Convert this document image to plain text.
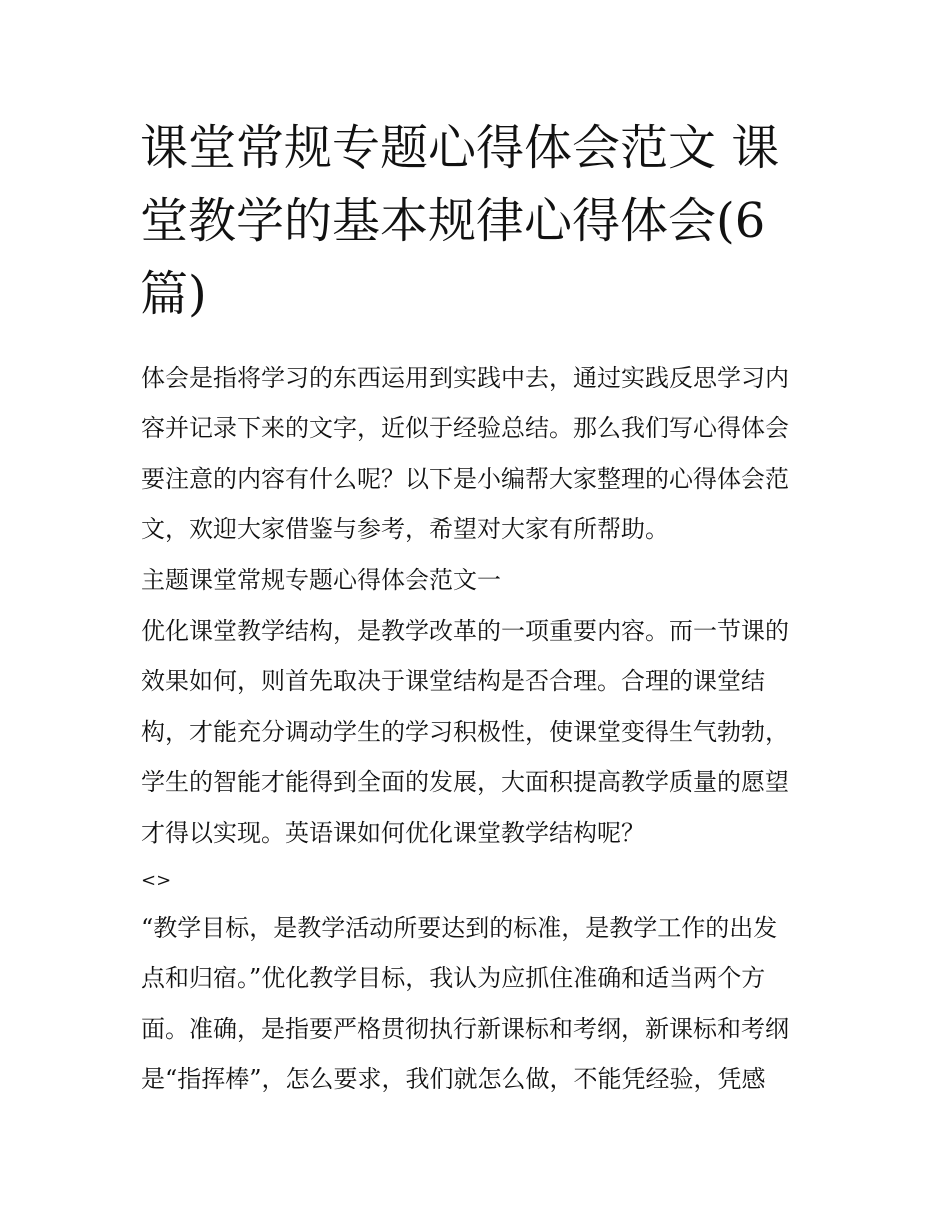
课堂常规专题心得体会范文 课堂教学的基本规律心得体会(6篇)
体会是指将学习的东西运用到实践中去，通过实践反思学习内
容并记录下来的文字，近似于经验总结。那么我们写心得体会
要注意的内容有什么呢？以下是小编帮大家整理的心得体会范
文，欢迎大家借鉴与参考，希望对大家有所帮助。
主题课堂常规专题心得体会范文一
优化课堂教学结构，是教学改革的一项重要内容。而一节课的
效果如何，则首先取决于课堂结构是否合理。合理的课堂结
构，才能充分调动学生的学习积极性，使课堂变得生气勃勃，
学生的智能才能得到全面的发展，大面积提高教学质量的愿望
才得以实现。英语课如何优化课堂教学结构呢？
<>
“教学目标，是教学活动所要达到的标准，是教学工作的出发
点和归宿。”优化教学目标，我认为应抓住准确和适当两个方
面。准确，是指要严格贯彻执行新课标和考纲，新课标和考纲
是“指挥棒”，怎么要求，我们就怎么做，不能凭经验，凭感
